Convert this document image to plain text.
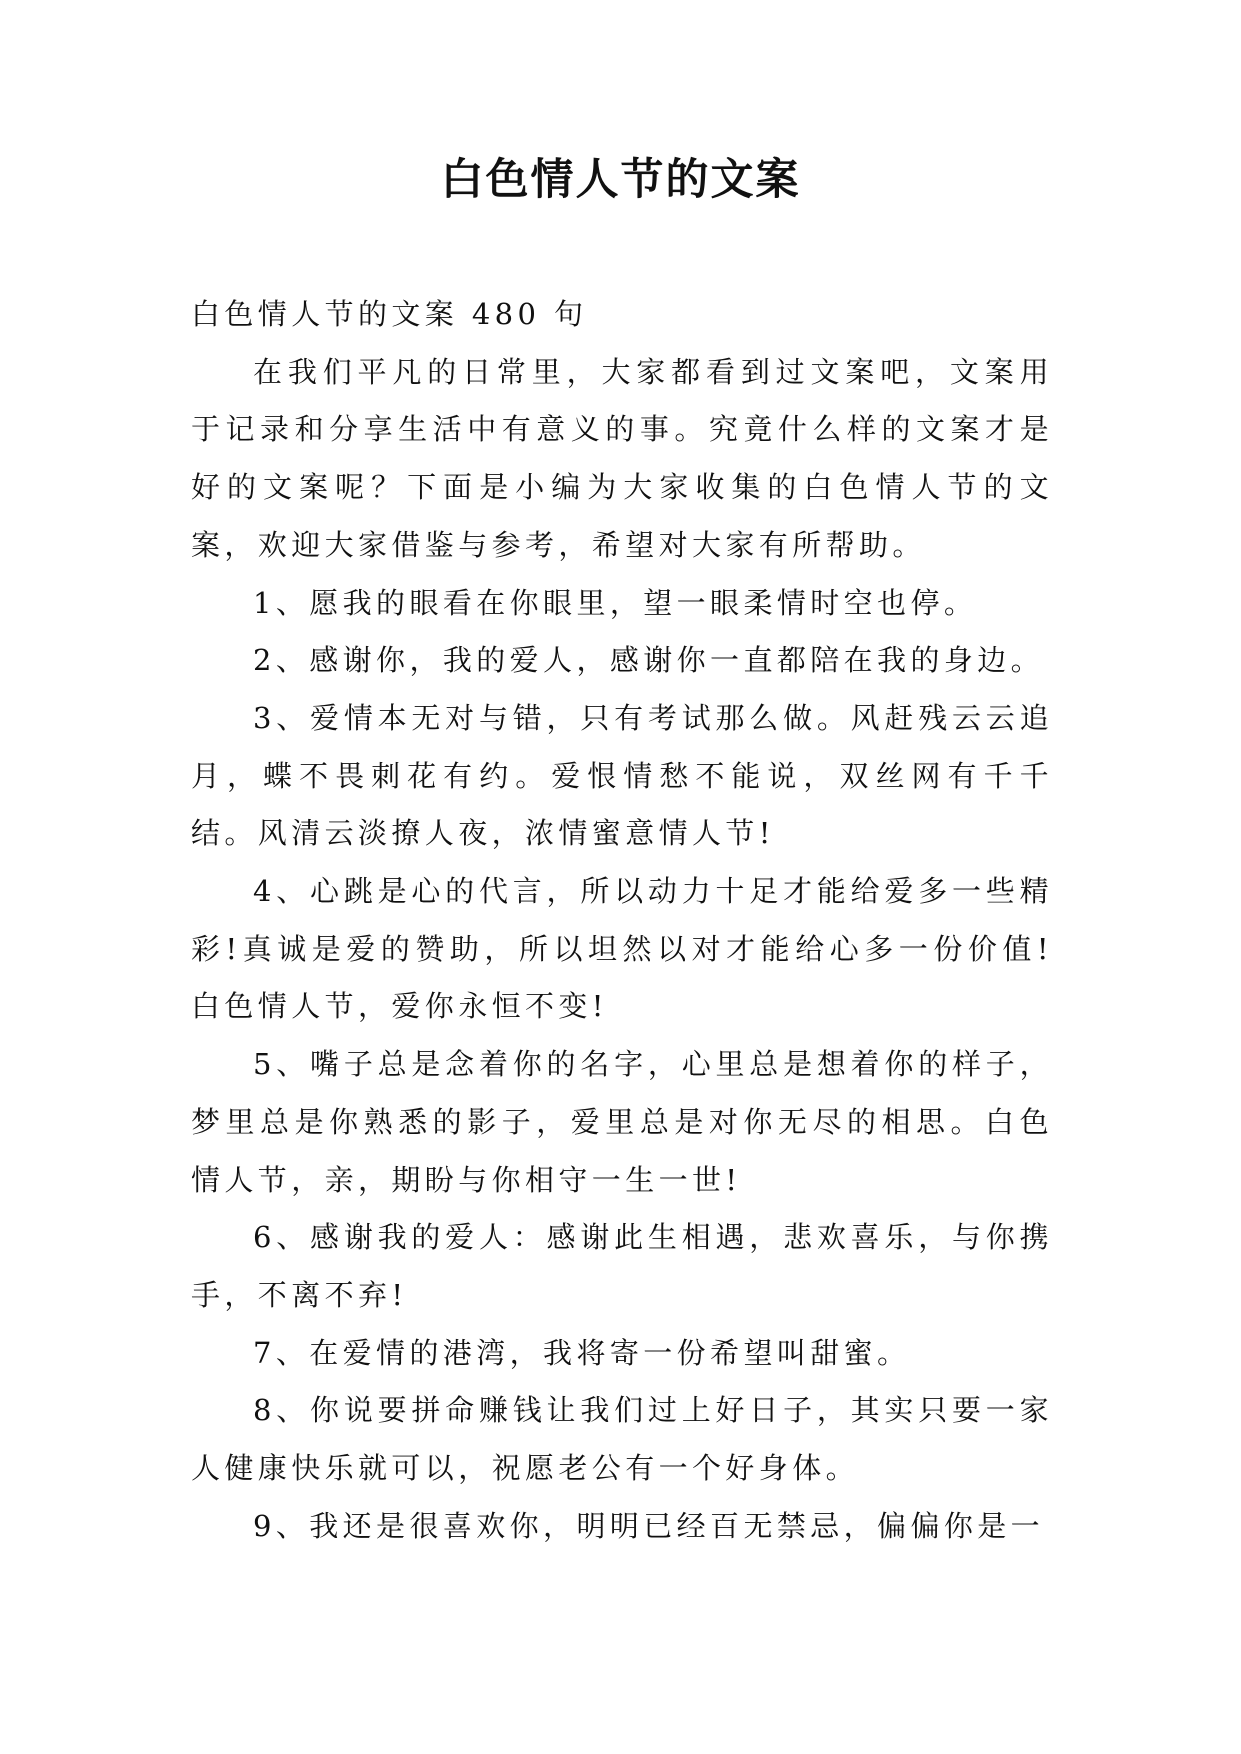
白色情人节的文案

白色情人节的文案 480 句

在我们平凡的日常里，大家都看到过文案吧，文案用于记录和分享生活中有意义的事。究竟什么样的文案才是好的文案呢？下面是小编为大家收集的白色情人节的文案，欢迎大家借鉴与参考，希望对大家有所帮助。

1、愿我的眼看在你眼里，望一眼柔情时空也停。

2、感谢你，我的爱人，感谢你一直都陪在我的身边。

3、爱情本无对与错，只有考试那么做。风赶残云云追月，蝶不畏刺花有约。爱恨情愁不能说，双丝网有千千结。风清云淡撩人夜，浓情蜜意情人节!

4、心跳是心的代言，所以动力十足才能给爱多一些精彩!真诚是爱的赞助，所以坦然以对才能给心多一份价值!白色情人节，爱你永恒不变!

5、嘴子总是念着你的名字，心里总是想着你的样子，梦里总是你熟悉的影子，爱里总是对你无尽的相思。白色情人节，亲，期盼与你相守一生一世!

6、感谢我的爱人：感谢此生相遇，悲欢喜乐，与你携手，不离不弃!

7、在爱情的港湾，我将寄一份希望叫甜蜜。

8、你说要拼命赚钱让我们过上好日子，其实只要一家人健康快乐就可以，祝愿老公有一个好身体。

9、我还是很喜欢你，明明已经百无禁忌，偏偏你是一
